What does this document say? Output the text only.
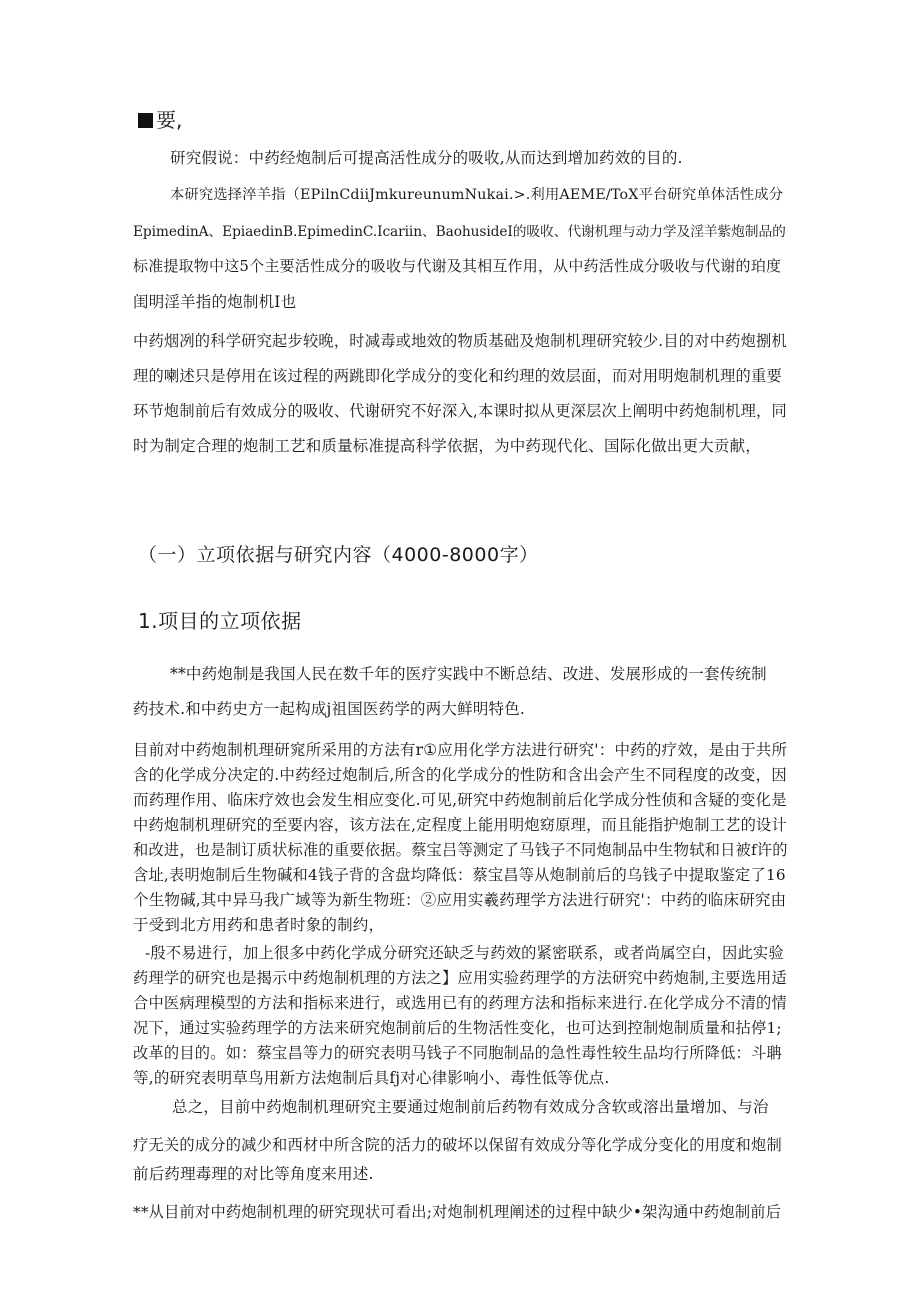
要,
研究假说：中药经炮制后可提高活性成分的吸收,从而达到增加药效的目的.
本研究选择淬羊指（EPilnCdiiJmkureunumNukai.>.利用AEME/ToX平台研究单体活性成分
EpimedinA、EpiaedinB.EpimedinC.Icariin、BaohusideI的吸收、代谢机理与动力学及淫羊紫炮制品的
标准提取物中这5个主要活性成分的吸收与代谢及其相互作用，从中药活性成分吸收与代谢的珀度
闺明淫羊指的炮制机I也
中药烟冽的科学研究起步较晚，时减毒或地效的物质基础及炮制机理研究较少.目的对中药炮捌机
理的喇述只是停用在该过程的两跳即化学成分的变化和约理的效层面，而对用明炮制机理的重要
环节炮制前后有效成分的吸收、代谢研究不好深入,本课时拟从更深层次上阐明中药炮制机理，同
时为制定合理的炮制工艺和质量标准提高科学依据，为中药现代化、国际化做出更大贡献，
（一）立项依据与研究内容（4000-8000字）
1.项目的立项依据
**中药炮制是我国人民在数千年的医疗实践中不断总结、改进、发展形成的一套传统制
药技术.和中药史方一起构成j祖国医药学的两大鲜明特色.
目前对中药炮制机理研窕所采用的方法有r①应用化学方法进行研究'：中药的疗效，是由于共所
含的化学成分决定的.中药经过炮制后,所含的化学成分的性防和含出会产生不同程度的改变，因
而药理作用、临床疗效也会发生相应变化.可见,研究中药炮制前后化学成分性侦和含疑的变化是
中药炮制机理研究的至要内容，该方法在,定程度上能用明炮窈原理，而且能指护炮制工艺的设计
和改进，也是制订质状标准的重要依据。蔡宝吕等测定了马钱子不同炮制品中生物轼和日被f许的
含址,表明炮制后生物碱和4钱子背的含盘均降低：蔡宝昌等从炮制前后的乌钱子中提取鉴定了16
个生物碱,其中异马我广域等为新生物班：②应用实羲药理学方法进行研究'：中药的临床研究由
于受到北方用药和患者时象的制约，
-殷不易进行，加上很多中药化学成分研究还缺乏与药效的紧密联系，或者尚属空白，因此实验
药理学的研究也是揭示中药炮制机理的方法之】应用实验药理学的方法研究中药炮制,主要选用适
合中医病理模型的方法和指标来进行，或选用已有的药理方法和指标来进行.在化学成分不清的情
况下，通过实验药理学的方法来研究炮制前后的生物活性变化，也可达到控制炮制质量和拈停1;
改革的目的。如：蔡宝昌等力的研究表明马钱子不同胞制品的急性毒性较生品均行所降低：斗聃
等,的研究表明草鸟用新方法炮制后具fj对心律影响小、毒性低等优点.
总之，目前中药炮制机理研究主要通过炮制前后药物有效成分含软或溶出量增加、与治
疗无关的成分的减少和西材中所含院的活力的破坏以保留有效成分等化学成分变化的用度和炮制
前后药理毒理的对比等角度来用述.
**从目前对中药炮制机理的研究现状可看出;对炮制机理阐述的过程中缺少•架沟通中药炮制前后
